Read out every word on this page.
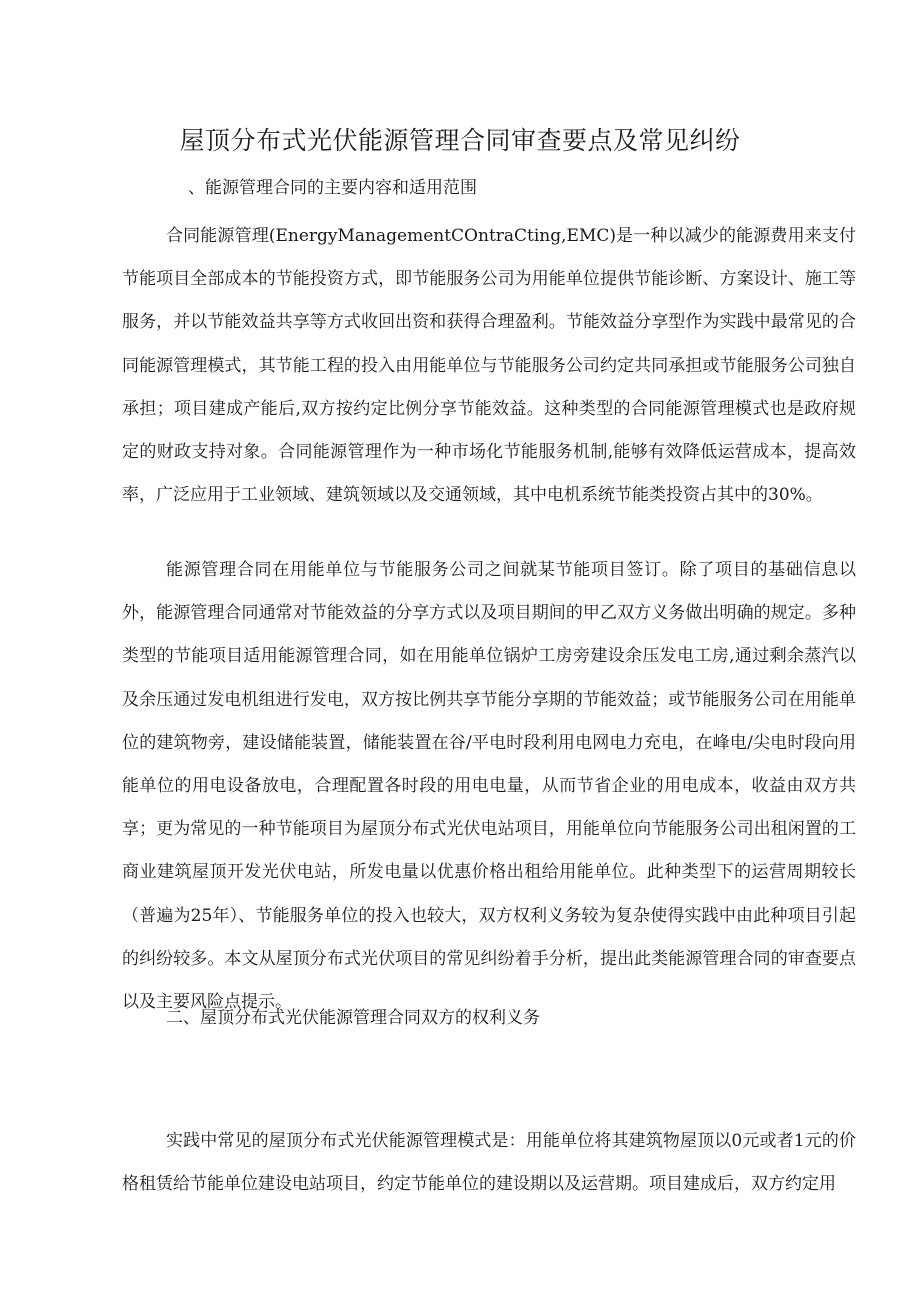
屋顶分布式光伏能源管理合同审查要点及常见纠纷
、能源管理合同的主要内容和适用范围
合同能源管理(EnergyManagementCOntraCting,EMC)是一种以减少的能源费用来支付节能项目全部成本的节能投资方式，即节能服务公司为用能单位提供节能诊断、方案设计、施工等服务，并以节能效益共享等方式收回出资和获得合理盈利。节能效益分享型作为实践中最常见的合同能源管理模式，其节能工程的投入由用能单位与节能服务公司约定共同承担或节能服务公司独自承担；项目建成产能后,双方按约定比例分享节能效益。这种类型的合同能源管理模式也是政府规定的财政支持对象。合同能源管理作为一种市场化节能服务机制,能够有效降低运营成本，提高效率，广泛应用于工业领域、建筑领域以及交通领域，其中电机系统节能类投资占其中的30%。
能源管理合同在用能单位与节能服务公司之间就某节能项目签订。除了项目的基础信息以外，能源管理合同通常对节能效益的分享方式以及项目期间的甲乙双方义务做出明确的规定。多种类型的节能项目适用能源管理合同，如在用能单位锅炉工房旁建设余压发电工房,通过剩余蒸汽以及余压通过发电机组进行发电，双方按比例共享节能分享期的节能效益；或节能服务公司在用能单位的建筑物旁，建设储能装置，储能装置在谷/平电时段利用电网电力充电，在峰电/尖电时段向用能单位的用电设备放电，合理配置各时段的用电电量，从而节省企业的用电成本，收益由双方共享；更为常见的一种节能项目为屋顶分布式光伏电站项目，用能单位向节能服务公司出租闲置的工商业建筑屋顶开发光伏电站，所发电量以优惠价格出租给用能单位。此种类型下的运营周期较长（普遍为25年）、节能服务单位的投入也较大，双方权利义务较为复杂使得实践中由此种项目引起的纠纷较多。本文从屋顶分布式光伏项目的常见纠纷着手分析，提出此类能源管理合同的审查要点以及主要风险点提示。
二、屋顶分布式光伏能源管理合同双方的权利义务
实践中常见的屋顶分布式光伏能源管理模式是：用能单位将其建筑物屋顶以0元或者1元的价格租赁给节能单位建设电站项目，约定节能单位的建设期以及运营期。项目建成后，双方约定用
